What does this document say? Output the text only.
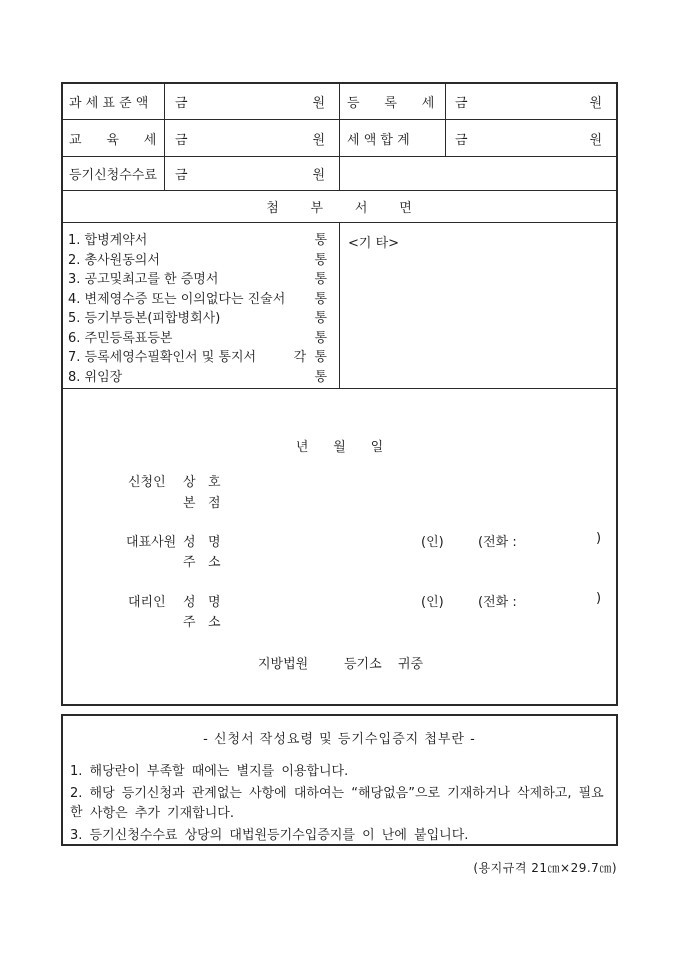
과 세 표 준 액	금	원	등      록      세	금	원
교      육      세	금	원	세 액 합 계	금	원
등기신청수수료	금	원
첨      부      서      면
1. 합병계약서	통
2. 총사원동의서	통
3. 공고및최고를 한 증명서	통
4. 변제영수증 또는 이의없다는 진술서 통
5. 등기부등본(피합병회사)	통
6. 주민등록표등본	통
7. 등록세영수필확인서 및 통지서	각  통
8. 위임장	통
<기 타>
년      월      일
신청인 상   호
본   점
대표사원 성   명	(인)	(전화 :	)
주   소
대리인 성   명	(인)	(전화 :	)
주   소
지방법원	등기소 귀중
- 신청서 작성요령 및 등기수입증지 첩부란 -
1. 해당란이 부족할 때에는 별지를 이용합니다.
2. 해당 등기신청과 관계없는 사항에 대하여는 “해당없음”으로 기재하거나 삭제하고, 필요한 사항은 추가 기재합니다.
3. 등기신청수수료 상당의 대법원등기수입증지를 이 난에 붙입니다.
(용지규격 21㎝×29.7㎝)
